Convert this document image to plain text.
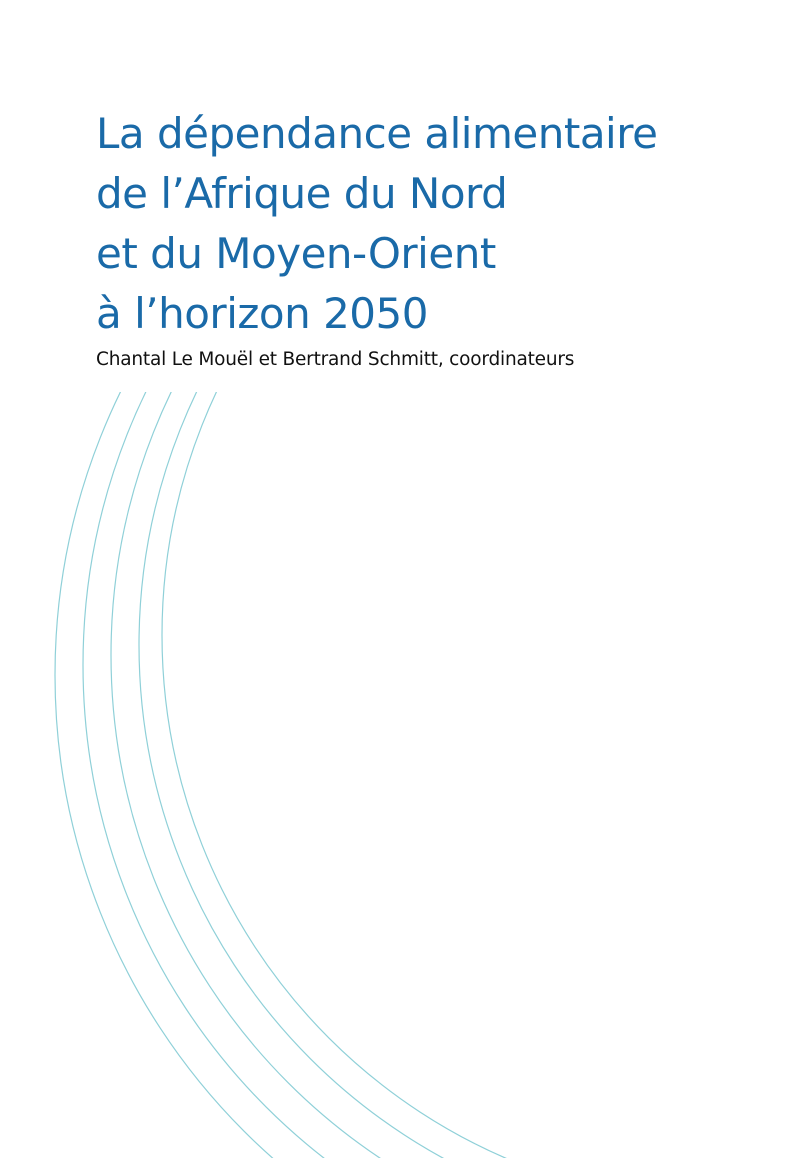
La dépendance alimentaire
de l’Afrique du Nord
et du Moyen-Orient
à l’horizon 2050
Chantal Le Mouël et Bertrand Schmitt, coordinateurs
